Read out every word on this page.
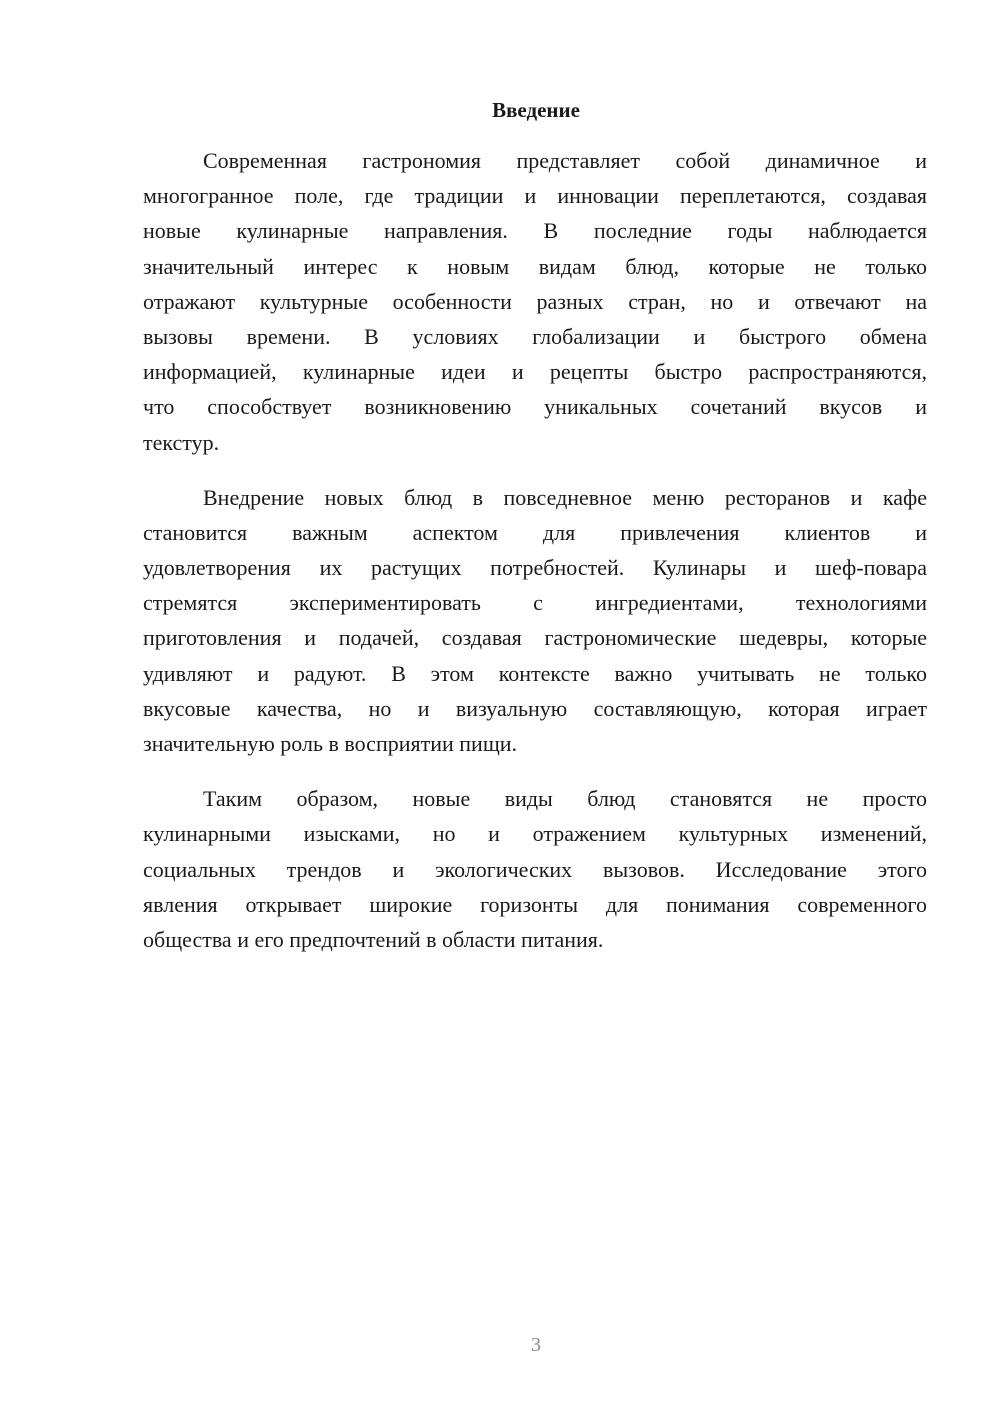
Введение
Современная гастрономия представляет собой динамичное и
многогранное поле, где традиции и инновации переплетаются, создавая
новые кулинарные направления. В последние годы наблюдается
значительный интерес к новым видам блюд, которые не только
отражают культурные особенности разных стран, но и отвечают на
вызовы времени. В условиях глобализации и быстрого обмена
информацией, кулинарные идеи и рецепты быстро распространяются,
что способствует возникновению уникальных сочетаний вкусов и
текстур.
Внедрение новых блюд в повседневное меню ресторанов и кафе
становится важным аспектом для привлечения клиентов и
удовлетворения их растущих потребностей. Кулинары и шеф-повара
стремятся экспериментировать с ингредиентами, технологиями
приготовления и подачей, создавая гастрономические шедевры, которые
удивляют и радуют. В этом контексте важно учитывать не только
вкусовые качества, но и визуальную составляющую, которая играет
значительную роль в восприятии пищи.
Таким образом, новые виды блюд становятся не просто
кулинарными изысками, но и отражением культурных изменений,
социальных трендов и экологических вызовов. Исследование этого
явления открывает широкие горизонты для понимания современного
общества и его предпочтений в области питания.
3
